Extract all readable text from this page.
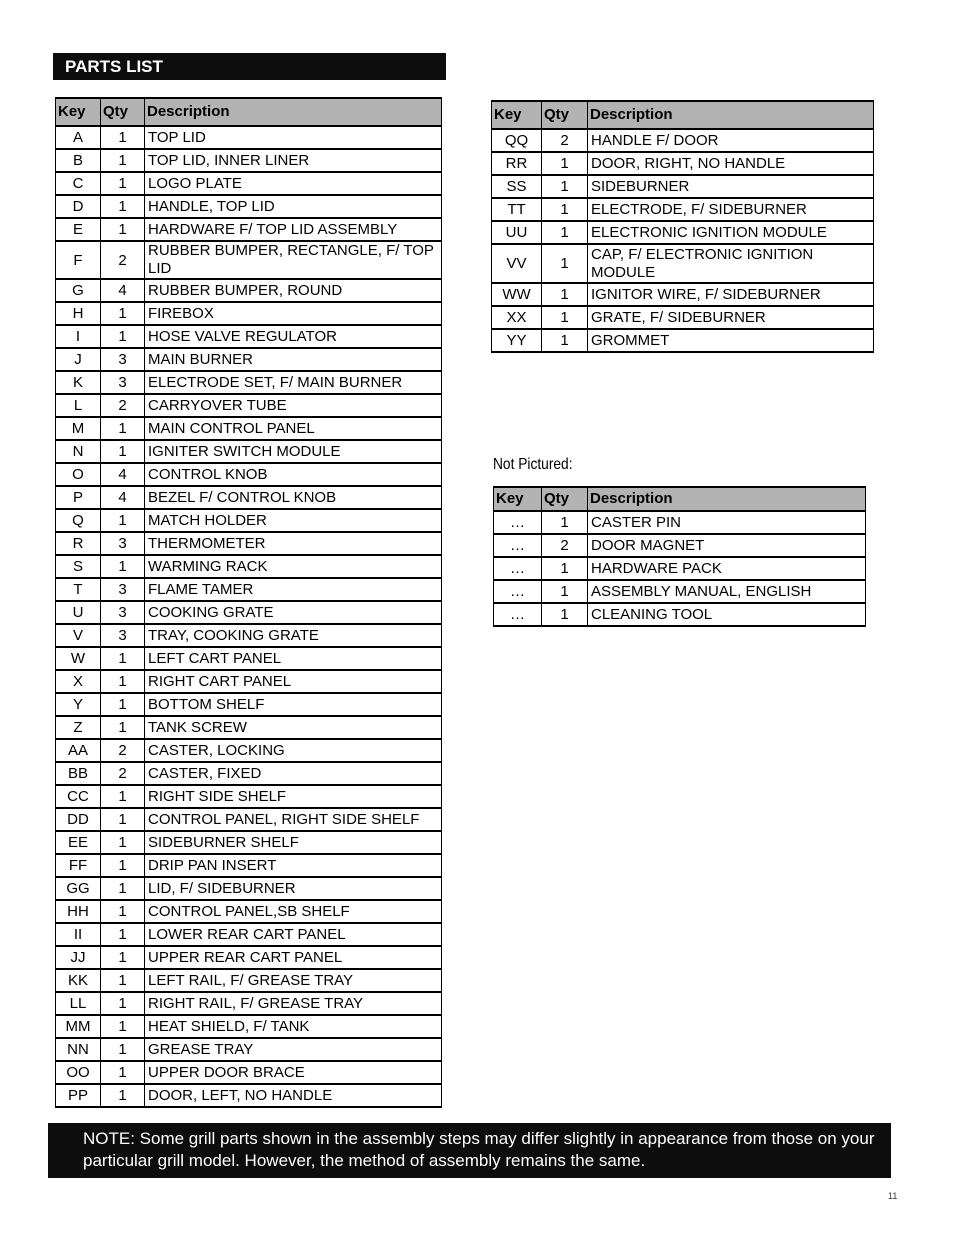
PARTS LIST
Key	Qty	Description
A	1	TOP LID
B	1	TOP LID, INNER LINER
C	1	LOGO PLATE
D	1	HANDLE, TOP LID
E	1	HARDWARE F/ TOP LID ASSEMBLY
F	2	RUBBER BUMPER, RECTANGLE, F/ TOP LID
G	4	RUBBER BUMPER, ROUND
H	1	FIREBOX
I	1	HOSE VALVE REGULATOR
J	3	MAIN BURNER
K	3	ELECTRODE SET, F/ MAIN BURNER
L	2	CARRYOVER TUBE
M	1	MAIN CONTROL PANEL
N	1	IGNITER SWITCH MODULE
O	4	CONTROL KNOB
P	4	BEZEL F/ CONTROL KNOB
Q	1	MATCH HOLDER
R	3	THERMOMETER
S	1	WARMING RACK
T	3	FLAME TAMER
U	3	COOKING GRATE
V	3	TRAY, COOKING GRATE
W	1	LEFT CART PANEL
X	1	RIGHT CART PANEL
Y	1	BOTTOM SHELF
Z	1	TANK SCREW
AA	2	CASTER, LOCKING
BB	2	CASTER, FIXED
CC	1	RIGHT SIDE SHELF
DD	1	CONTROL PANEL, RIGHT SIDE SHELF
EE	1	SIDEBURNER SHELF
FF	1	DRIP PAN INSERT
GG	1	LID, F/ SIDEBURNER
HH	1	CONTROL PANEL,SB SHELF
II	1	LOWER REAR CART PANEL
JJ	1	UPPER REAR CART PANEL
KK	1	LEFT RAIL, F/ GREASE TRAY
LL	1	RIGHT RAIL, F/ GREASE TRAY
MM	1	HEAT SHIELD, F/ TANK
NN	1	GREASE TRAY
OO	1	UPPER DOOR BRACE
PP	1	DOOR, LEFT, NO HANDLE
Key	Qty	Description
QQ	2	HANDLE F/ DOOR
RR	1	DOOR, RIGHT, NO HANDLE
SS	1	SIDEBURNER
TT	1	ELECTRODE, F/ SIDEBURNER
UU	1	ELECTRONIC IGNITION MODULE
VV	1	CAP, F/ ELECTRONIC IGNITION MODULE
WW	1	IGNITOR WIRE, F/ SIDEBURNER
XX	1	GRATE, F/ SIDEBURNER
YY	1	GROMMET
Not Pictured:
Key	Qty	Description
…	1	CASTER PIN
…	2	DOOR MAGNET
…	1	HARDWARE PACK
…	1	ASSEMBLY MANUAL, ENGLISH
…	1	CLEANING TOOL
NOTE: Some grill parts shown in the assembly steps may differ slightly in appearance from those on your particular grill model. However, the method of assembly remains the same.
11
